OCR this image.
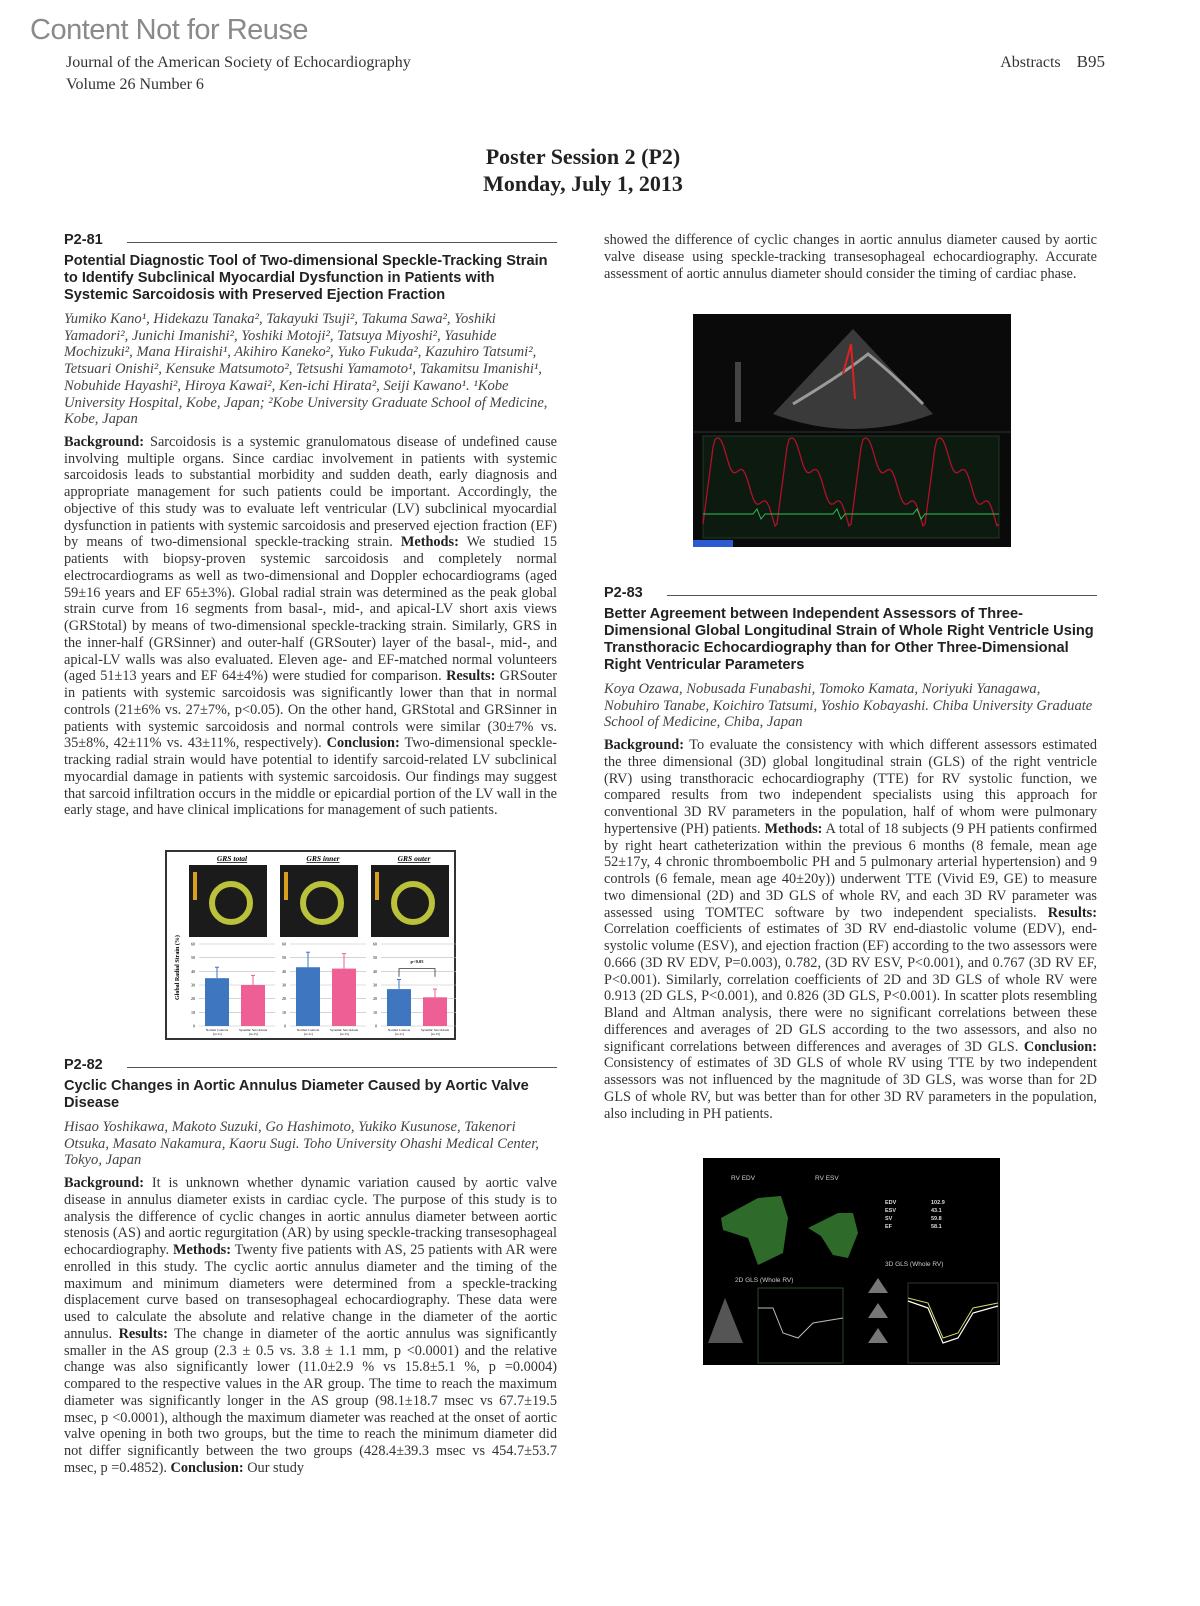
Content Not for Reuse
Journal of the American Society of Echocardiography
Volume 26 Number 6
Abstracts B95
Poster Session 2 (P2)
Monday, July 1, 2013
P2-81
Potential Diagnostic Tool of Two-dimensional Speckle-Tracking Strain to Identify Subclinical Myocardial Dysfunction in Patients with Systemic Sarcoidosis with Preserved Ejection Fraction
Yumiko Kano¹, Hidekazu Tanaka², Takayuki Tsuji², Takuma Sawa², Yoshiki Yamadori², Junichi Imanishi², Yoshiki Motoji², Tatsuya Miyoshi², Yasuhide Mochizuki², Mana Hiraishi¹, Akihiro Kaneko², Yuko Fukuda², Kazuhiro Tatsumi², Tetsuari Onishi², Kensuke Matsumoto², Tetsushi Yamamoto¹, Takamitsu Imanishi¹, Nobuhide Hayashi², Hiroya Kawai², Ken-ichi Hirata², Seiji Kawano¹. ¹Kobe University Hospital, Kobe, Japan; ²Kobe University Graduate School of Medicine, Kobe, Japan
Background: Sarcoidosis is a systemic granulomatous disease of undefined cause involving multiple organs. Since cardiac involvement in patients with systemic sarcoidosis leads to substantial morbidity and sudden death, early diagnosis and appropriate management for such patients could be important. Accordingly, the objective of this study was to evaluate left ventricular (LV) subclinical myocardial dysfunction in patients with systemic sarcoidosis and preserved ejection fraction (EF) by means of two-dimensional speckle-tracking strain. Methods: We studied 15 patients with biopsy-proven systemic sarcoidosis and completely normal electrocardiograms as well as two-dimensional and Doppler echocardiograms (aged 59±16 years and EF 65±3%). Global radial strain was determined as the peak global strain curve from 16 segments from basal-, mid-, and apical-LV short axis views (GRStotal) by means of two-dimensional speckle-tracking strain. Similarly, GRS in the inner-half (GRSinner) and outer-half (GRSouter) layer of the basal-, mid-, and apical-LV walls was also evaluated. Eleven age- and EF-matched normal volunteers (aged 51±13 years and EF 64±4%) were studied for comparison. Results: GRSouter in patients with systemic sarcoidosis was significantly lower than that in normal controls (21±6% vs. 27±7%, p<0.05). On the other hand, GRStotal and GRSinner in patients with systemic sarcoidosis and normal controls were similar (30±7% vs. 35±8%, 42±11% vs. 43±11%, respectively). Conclusion: Two-dimensional speckle-tracking radial strain would have potential to identify sarcoid-related LV subclinical myocardial damage in patients with systemic sarcoidosis. Our findings may suggest that sarcoid infiltration occurs in the middle or epicardial portion of the LV wall in the early stage, and have clinical implications for management of such patients.
Global Radial Strain (%)
GRS total
0
10
20
30
40
50
60
Normal Controls (n=11)
Systemic Sarcoidosis (n=15)
GRS inner
0
10
20
30
40
50
60
Normal Controls (n=11)
Systemic Sarcoidosis (n=15)
GRS outer
0
10
20
30
40
50
60
Normal Controls (n=11)
Systemic Sarcoidosis (n=15)
p<0.05
P2-82
Cyclic Changes in Aortic Annulus Diameter Caused by Aortic Valve Disease
Hisao Yoshikawa, Makoto Suzuki, Go Hashimoto, Yukiko Kusunose, Takenori Otsuka, Masato Nakamura, Kaoru Sugi. Toho University Ohashi Medical Center, Tokyo, Japan
Background: It is unknown whether dynamic variation caused by aortic valve disease in annulus diameter exists in cardiac cycle. The purpose of this study is to analysis the difference of cyclic changes in aortic annulus diameter between aortic stenosis (AS) and aortic regurgitation (AR) by using speckle-tracking transesophageal echocardiography. Methods: Twenty five patients with AS, 25 patients with AR were enrolled in this study. The cyclic aortic annulus diameter and the timing of the maximum and minimum diameters were determined from a speckle-tracking displacement curve based on transesophageal echocardiography. These data were used to calculate the absolute and relative change in the diameter of the aortic annulus. Results: The change in diameter of the aortic annulus was significantly smaller in the AS group (2.3 ± 0.5 vs. 3.8 ± 1.1 mm, p <0.0001) and the relative change was also significantly lower (11.0±2.9 % vs 15.8±5.1 %, p =0.0004) compared to the respective values in the AR group. The time to reach the maximum diameter was significantly longer in the AS group (98.1±18.7 msec vs 67.7±19.5 msec, p <0.0001), although the maximum diameter was reached at the onset of aortic valve opening in both two groups, but the time to reach the minimum diameter did not differ significantly between the two groups (428.4±39.3 msec vs 454.7±53.7 msec, p =0.4852). Conclusion: Our study
showed the difference of cyclic changes in aortic annulus diameter caused by aortic valve disease using speckle-tracking transesophageal echocardiography. Accurate assessment of aortic annulus diameter should consider the timing of cardiac phase.
P2-83
Better Agreement between Independent Assessors of Three-Dimensional Global Longitudinal Strain of Whole Right Ventricle Using Transthoracic Echocardiography than for Other Three-Dimensional Right Ventricular Parameters
Koya Ozawa, Nobusada Funabashi, Tomoko Kamata, Noriyuki Yanagawa, Nobuhiro Tanabe, Koichiro Tatsumi, Yoshio Kobayashi. Chiba University Graduate School of Medicine, Chiba, Japan
Background: To evaluate the consistency with which different assessors estimated the three dimensional (3D) global longitudinal strain (GLS) of the right ventricle (RV) using transthoracic echocardiography (TTE) for RV systolic function, we compared results from two independent specialists using this approach for conventional 3D RV parameters in the population, half of whom were pulmonary hypertensive (PH) patients. Methods: A total of 18 subjects (9 PH patients confirmed by right heart catheterization within the previous 6 months (8 female, mean age 52±17y, 4 chronic thromboembolic PH and 5 pulmonary arterial hypertension) and 9 controls (6 female, mean age 40±20y)) underwent TTE (Vivid E9, GE) to measure two dimensional (2D) and 3D GLS of whole RV, and each 3D RV parameter was assessed using TOMTEC software by two independent specialists. Results: Correlation coefficients of estimates of 3D RV end-diastolic volume (EDV), end-systolic volume (ESV), and ejection fraction (EF) according to the two assessors were 0.666 (3D RV EDV, P=0.003), 0.782, (3D RV ESV, P<0.001), and 0.767 (3D RV EF, P<0.001). Similarly, correlation coefficients of 2D and 3D GLS of whole RV were 0.913 (2D GLS, P<0.001), and 0.826 (3D GLS, P<0.001). In scatter plots resembling Bland and Altman analysis, there were no significant correlations between these differences and averages of 2D GLS according to the two assessors, and also no significant correlations between differences and averages of 3D GLS. Conclusion: Consistency of estimates of 3D GLS of whole RV using TTE by two independent assessors was not influenced by the magnitude of 3D GLS, was worse than for 2D GLS of whole RV, but was better than for other 3D RV parameters in the population, also including in PH patients.
RV EDV	RV ESV
EDV	102.9
ESV	43.1
SV	59.8
EF	58.1
3D GLS (Whole RV)
2D GLS (Whole RV)
